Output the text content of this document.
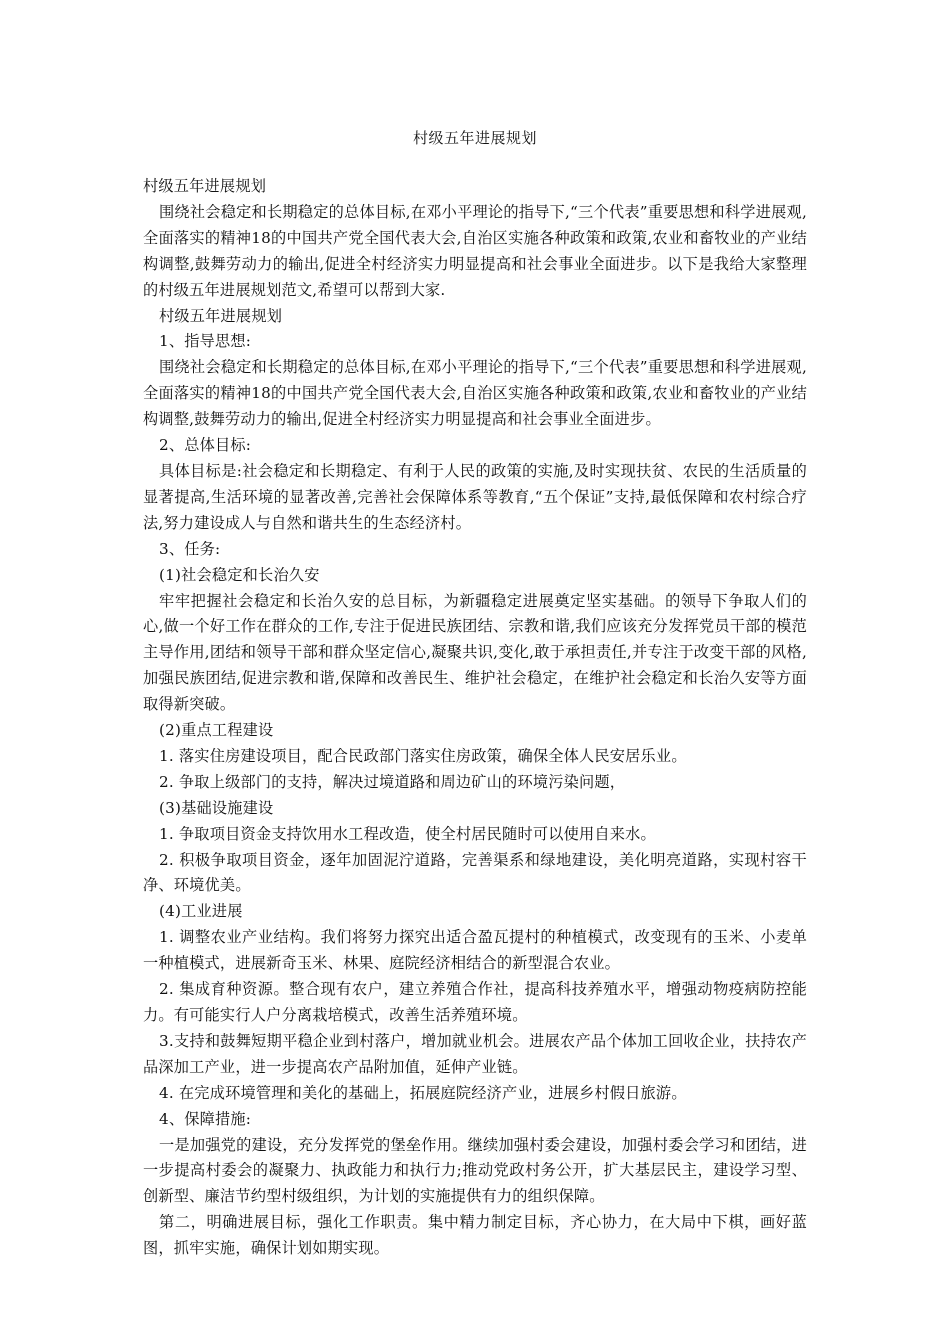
村级五年进展规划

村级五年进展规划

围绕社会稳定和长期稳定的总体目标,在邓小平理论的指导下,“三个代表”重要思想和科学进展观,全面落实的精神18的中国共产党全国代表大会,自治区实施各种政策和政策,农业和畜牧业的产业结构调整,鼓舞劳动力的输出,促进全村经济实力明显提高和社会事业全面进步。以下是我给大家整理的村级五年进展规划范文,希望可以帮到大家.

村级五年进展规划

1、指导思想:

围绕社会稳定和长期稳定的总体目标,在邓小平理论的指导下,“三个代表”重要思想和科学进展观,全面落实的精神18的中国共产党全国代表大会,自治区实施各种政策和政策,农业和畜牧业的产业结构调整,鼓舞劳动力的输出,促进全村经济实力明显提高和社会事业全面进步。

2、总体目标:

具体目标是:社会稳定和长期稳定、有利于人民的政策的实施,及时实现扶贫、农民的生活质量的显著提高,生活环境的显著改善,完善社会保障体系等教育,“五个保证”支持,最低保障和农村综合疗法,努力建设成人与自然和谐共生的生态经济村。

3、任务:

(1)社会稳定和长治久安

牢牢把握社会稳定和长治久安的总目标，为新疆稳定进展奠定坚实基础。的领导下争取人们的心,做一个好工作在群众的工作,专注于促进民族团结、宗教和谐,我们应该充分发挥党员干部的模范主导作用,团结和领导干部和群众坚定信心,凝聚共识,变化,敢于承担责任,并专注于改变干部的风格,加强民族团结,促进宗教和谐,保障和改善民生、维护社会稳定，在维护社会稳定和长治久安等方面取得新突破。

(2)重点工程建设

1. 落实住房建设项目，配合民政部门落实住房政策，确保全体人民安居乐业。

2. 争取上级部门的支持，解决过境道路和周边矿山的环境污染问题，

(3)基础设施建设

1. 争取项目资金支持饮用水工程改造，使全村居民随时可以使用自来水。

2. 积极争取项目资金，逐年加固泥泞道路，完善渠系和绿地建设，美化明亮道路，实现村容干净、环境优美。

(4)工业进展

1. 调整农业产业结构。我们将努力探究出适合盈瓦提村的种植模式，改变现有的玉米、小麦单一种植模式，进展新奇玉米、林果、庭院经济相结合的新型混合农业。

2. 集成育种资源。整合现有农户，建立养殖合作社，提高科技养殖水平，增强动物疫病防控能力。有可能实行人户分离栽培模式，改善生活养殖环境。

3.支持和鼓舞短期平稳企业到村落户，增加就业机会。进展农产品个体加工回收企业，扶持农产品深加工产业，进一步提高农产品附加值，延伸产业链。

4. 在完成环境管理和美化的基础上，拓展庭院经济产业，进展乡村假日旅游。

4、保障措施:

一是加强党的建设，充分发挥党的堡垒作用。继续加强村委会建设，加强村委会学习和团结，进一步提高村委会的凝聚力、执政能力和执行力;推动党政村务公开，扩大基层民主，建设学习型、创新型、廉洁节约型村级组织，为计划的实施提供有力的组织保障。

第二，明确进展目标，强化工作职责。集中精力制定目标，齐心协力，在大局中下棋，画好蓝图，抓牢实施，确保计划如期实现。
